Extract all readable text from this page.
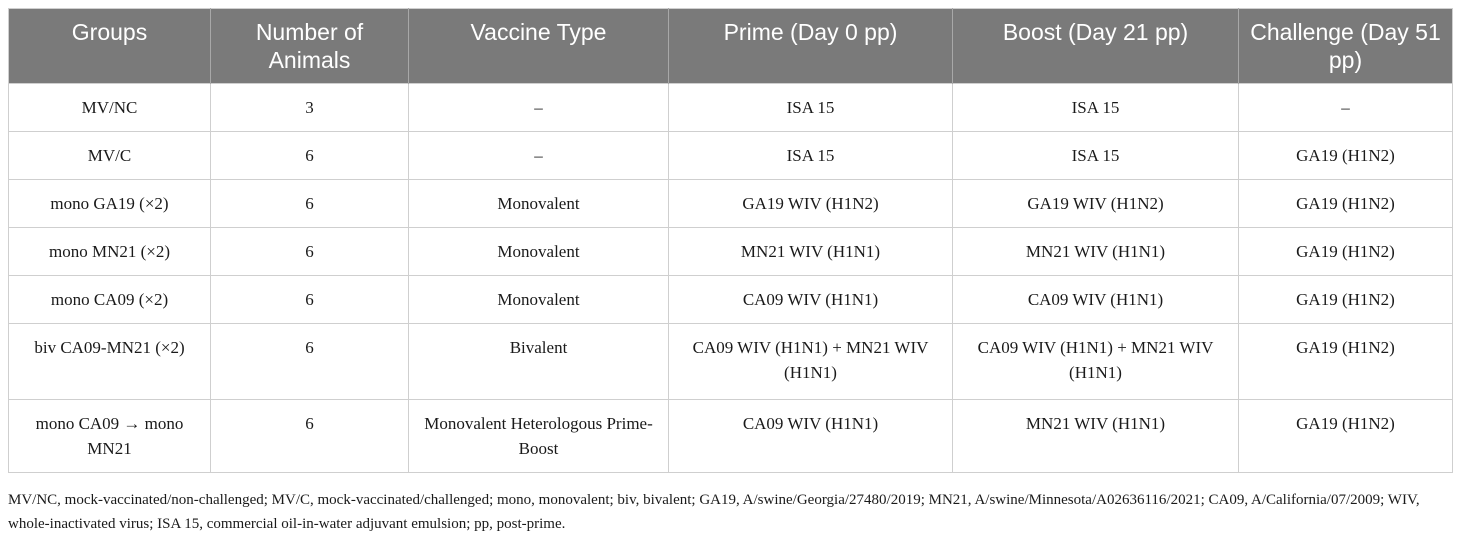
Groups	Number of Animals	Vaccine Type	Prime (Day 0 pp)	Boost (Day 21 pp)	Challenge (Day 51 pp)
MV/NC	3	–	ISA 15	ISA 15	–
MV/C	6	–	ISA 15	ISA 15	GA19 (H1N2)
mono GA19 (×2)	6	Monovalent	GA19 WIV (H1N2)	GA19 WIV (H1N2)	GA19 (H1N2)
mono MN21 (×2)	6	Monovalent	MN21 WIV (H1N1)	MN21 WIV (H1N1)	GA19 (H1N2)
mono CA09 (×2)	6	Monovalent	CA09 WIV (H1N1)	CA09 WIV (H1N1)	GA19 (H1N2)
biv CA09-MN21 (×2)	6	Bivalent	CA09 WIV (H1N1) + MN21 WIV (H1N1)	CA09 WIV (H1N1) + MN21 WIV (H1N1)	GA19 (H1N2)
mono CA09 → mono MN21	6	Monovalent Heterologous Prime-Boost	CA09 WIV (H1N1)	MN21 WIV (H1N1)	GA19 (H1N2)
MV/NC, mock-vaccinated/non-challenged; MV/C, mock-vaccinated/challenged; mono, monovalent; biv, bivalent; GA19, A/swine/Georgia/27480/2019; MN21, A/swine/Minnesota/A02636116/2021; CA09, A/California/07/2009; WIV, whole-inactivated virus; ISA 15, commercial oil-in-water adjuvant emulsion; pp, post-prime.
